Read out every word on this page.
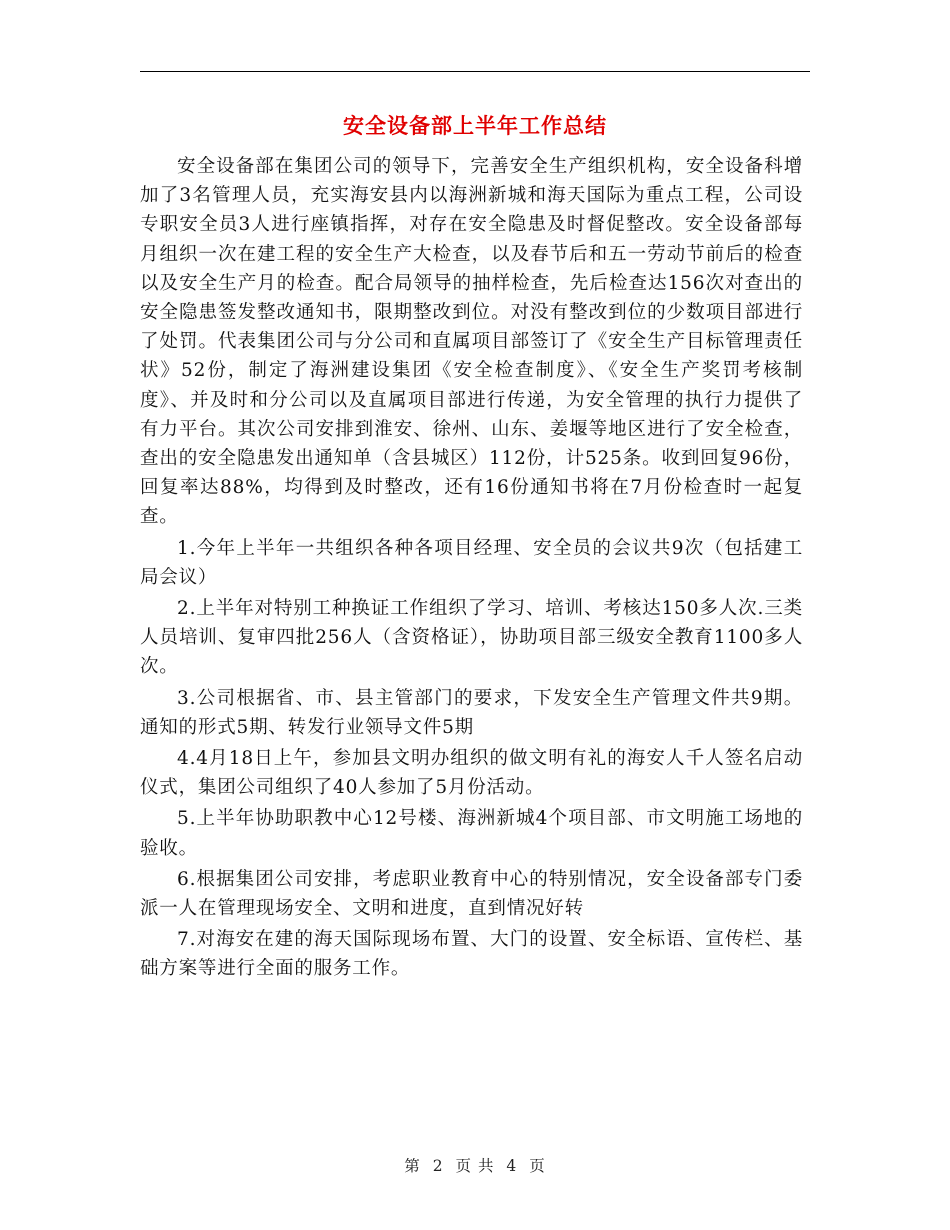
安全设备部上半年工作总结

安全设备部在集团公司的领导下，完善安全生产组织机构，安全设备科增加了3名管理人员，充实海安县内以海洲新城和海天国际为重点工程，公司设专职安全员3人进行座镇指挥，对存在安全隐患及时督促整改。安全设备部每月组织一次在建工程的安全生产大检查，以及春节后和五一劳动节前后的检查以及安全生产月的检查。配合局领导的抽样检查，先后检查达156次对查出的安全隐患签发整改通知书，限期整改到位。对没有整改到位的少数项目部进行了处罚。代表集团公司与分公司和直属项目部签订了《安全生产目标管理责任状》52份，制定了海洲建设集团《安全检查制度》、《安全生产奖罚考核制度》、并及时和分公司以及直属项目部进行传递，为安全管理的执行力提供了有力平台。其次公司安排到淮安、徐州、山东、姜堰等地区进行了安全检查，查出的安全隐患发出通知单（含县城区）112份，计525条。收到回复96份，回复率达88%，均得到及时整改，还有16份通知书将在7月份检查时一起复查。

1.今年上半年一共组织各种各项目经理、安全员的会议共9次（包括建工局会议）

2.上半年对特别工种换证工作组织了学习、培训、考核达150多人次.三类人员培训、复审四批256人（含资格证），协助项目部三级安全教育1100多人次。

3.公司根据省、市、县主管部门的要求，下发安全生产管理文件共9期。通知的形式5期、转发行业领导文件5期

4.4月18日上午，参加县文明办组织的做文明有礼的海安人千人签名启动仪式，集团公司组织了40人参加了5月份活动。

5.上半年协助职教中心12号楼、海洲新城4个项目部、市文明施工场地的验收。

6.根据集团公司安排，考虑职业教育中心的特别情况，安全设备部专门委派一人在管理现场安全、文明和进度，直到情况好转

7.对海安在建的海天国际现场布置、大门的设置、安全标语、宣传栏、基础方案等进行全面的服务工作。

第 2 页 共 4 页
